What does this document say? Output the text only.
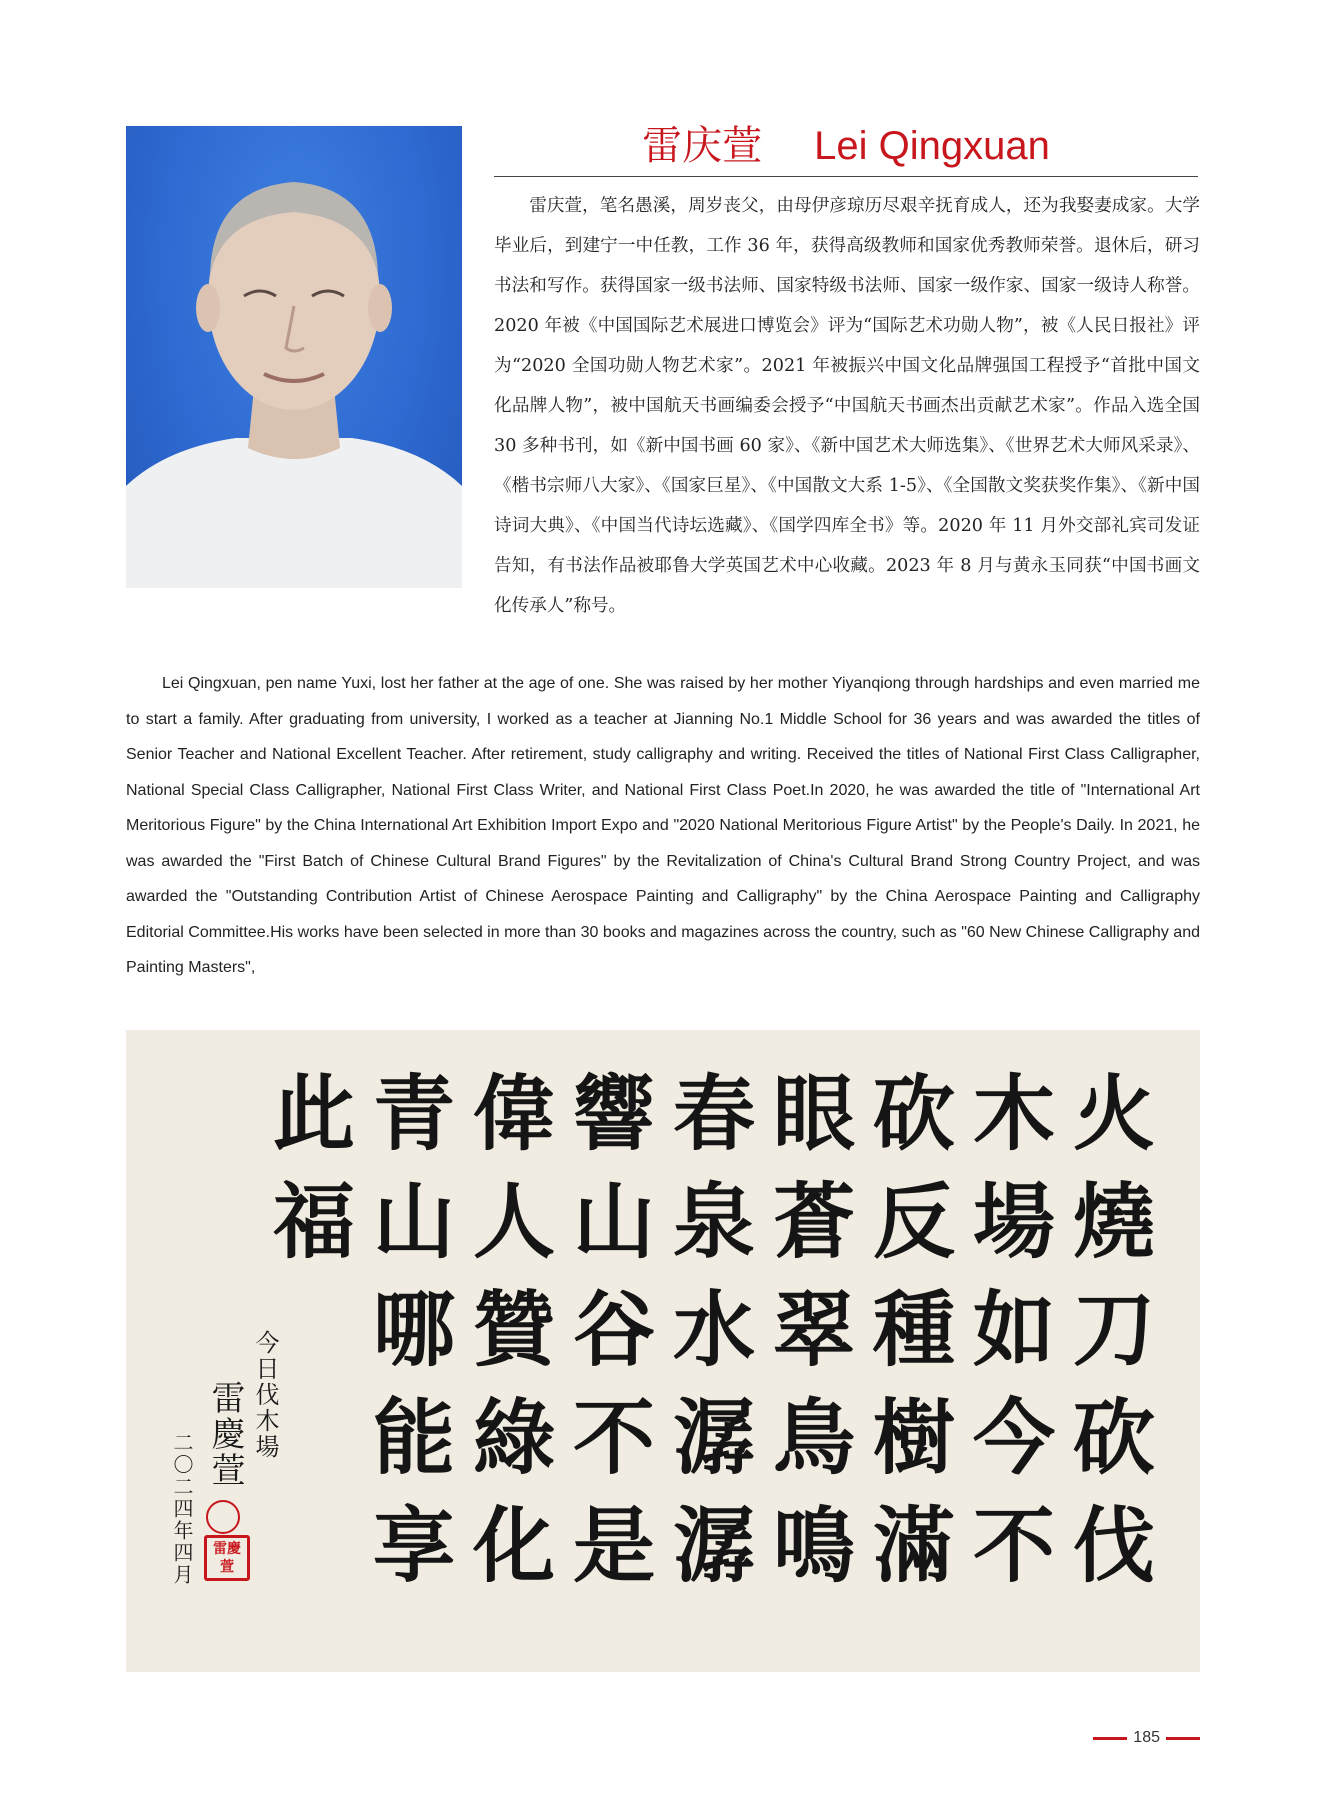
雷庆萱 Lei Qingxuan

雷庆萱，笔名愚溪，周岁丧父，由母伊彦琼历尽艰辛抚育成人，还为我娶妻成家。大学毕业后，到建宁一中任教，工作 36 年，获得高级教师和国家优秀教师荣誉。退休后，研习书法和写作。获得国家一级书法师、国家特级书法师、国家一级作家、国家一级诗人称誉。2020 年被《中国国际艺术展进口博览会》评为“国际艺术功勋人物”，被《人民日报社》评为“2020 全国功勋人物艺术家”。2021 年被振兴中国文化品牌强国工程授予“首批中国文化品牌人物”，被中国航天书画编委会授予“中国航天书画杰出贡献艺术家”。作品入选全国 30 多种书刊，如《新中国书画 60 家》、《新中国艺术大师选集》、《世界艺术大师风采录》、《楷书宗师八大家》、《国家巨星》、《中国散文大系 1-5》、《全国散文奖获奖作集》、《新中国诗词大典》、《中国当代诗坛选藏》、《国学四库全书》等。2020 年 11 月外交部礼宾司发证告知，有书法作品被耶鲁大学英国艺术中心收藏。2023 年 8 月与黄永玉同获“中国书画文化传承人”称号。

Lei Qingxuan, pen name Yuxi, lost her father at the age of one. She was raised by her mother Yiyanqiong through hardships and even married me to start a family. After graduating from university, I worked as a teacher at Jianning No.1 Middle School for 36 years and was awarded the titles of Senior Teacher and National Excellent Teacher. After retirement, study calligraphy and writing. Received the titles of National First Class Calligrapher, National Special Class Calligrapher, National First Class Writer, and National First Class Poet.In 2020, he was awarded the title of "International Art Meritorious Figure" by the China International Art Exhibition Import Expo and "2020 National Meritorious Figure Artist" by the People's Daily. In 2021, he was awarded the "First Batch of Chinese Cultural Brand Figures" by the Revitalization of China's Cultural Brand Strong Country Project, and was awarded the "Outstanding Contribution Artist of Chinese Aerospace Painting and Calligraphy" by the China Aerospace Painting and Calligraphy Editorial Committee.His works have been selected in more than 30 books and magazines across the country, such as "60 New Chinese Calligraphy and Painting Masters",

火
燒
刀
砍
伐
木
場
如
今
不
砍
反
種
樹
滿
眼
蒼
翠
鳥
鳴
春
泉
水
潺
潺
響
山
谷
不
是
偉
人
贊
綠
化
青
山
哪
能
享
此
福
今日伐木場
雷慶萱
二〇二四年四月 雷 慶
萱
185
